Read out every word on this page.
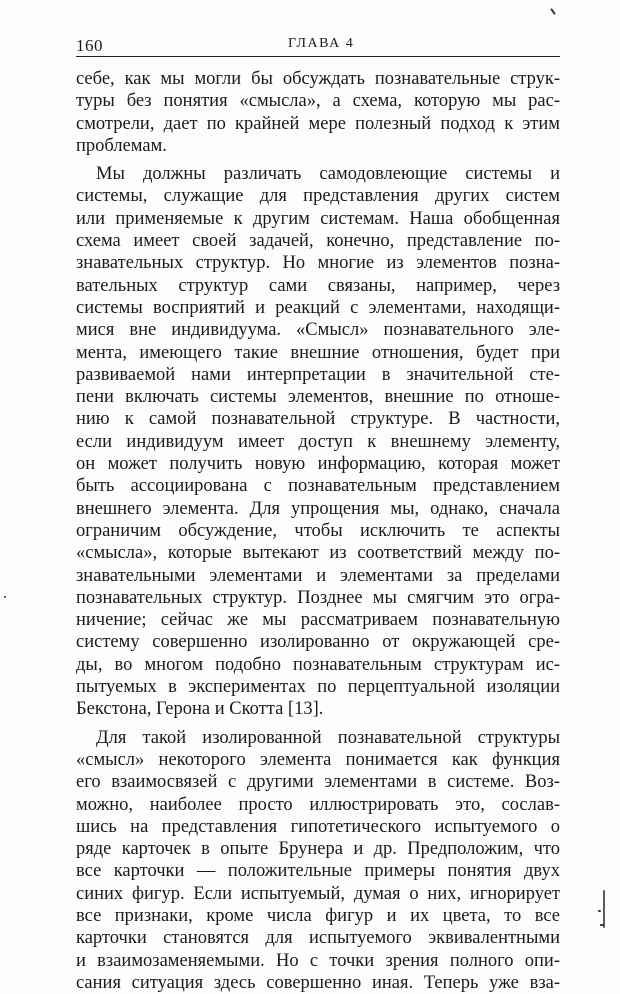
160	ГЛАВА 4
себе, как мы могли бы обсуждать познавательные струк-
туры без понятия «смысла», а схема, которую мы рас-
смотрели, дает по крайней мере полезный подход к этим
проблемам.
Мы должны различать самодовлеющие системы и
системы, служащие для представления других систем
или применяемые к другим системам. Наша обобщенная
схема имеет своей задачей, конечно, представление по-
знавательных структур. Но многие из элементов позна-
вательных структур сами связаны, например, через
системы восприятий и реакций с элементами, находящи-
мися вне индивидуума. «Смысл» познавательного эле-
мента, имеющего такие внешние отношения, будет при
развиваемой нами интерпретации в значительной сте-
пени включать системы элементов, внешние по отноше-
нию к самой познавательной структуре. В частности,
если индивидуум имеет доступ к внешнему элементу,
он может получить новую информацию, которая может
быть ассоциирована с познавательным представлением
внешнего элемента. Для упрощения мы, однако, сначала
ограничим обсуждение, чтобы исключить те аспекты
«смысла», которые вытекают из соответствий между по-
знавательными элементами и элементами за пределами
познавательных структур. Позднее мы смягчим это огра-
ничение; сейчас же мы рассматриваем познавательную
систему совершенно изолированно от окружающей сре-
ды, во многом подобно познавательным структурам ис-
пытуемых в экспериментах по перцептуальной изоляции
Бекстона, Герона и Скотта [13].
Для такой изолированной познавательной структуры
«смысл» некоторого элемента понимается как функция
его взаимосвязей с другими элементами в системе. Воз-
можно, наиболее просто иллюстрировать это, сослав-
шись на представления гипотетического испытуемого о
ряде карточек в опыте Брунера и др. Предположим, что
все карточки — положительные примеры понятия двух
синих фигур. Если испытуемый, думая о них, игнорирует
все признаки, кроме числа фигур и их цвета, то все
карточки становятся для испытуемого эквивалентными
и взаимозаменяемыми. Но с точки зрения полного опи-
сания ситуация здесь совершенно иная. Теперь уже вза-
